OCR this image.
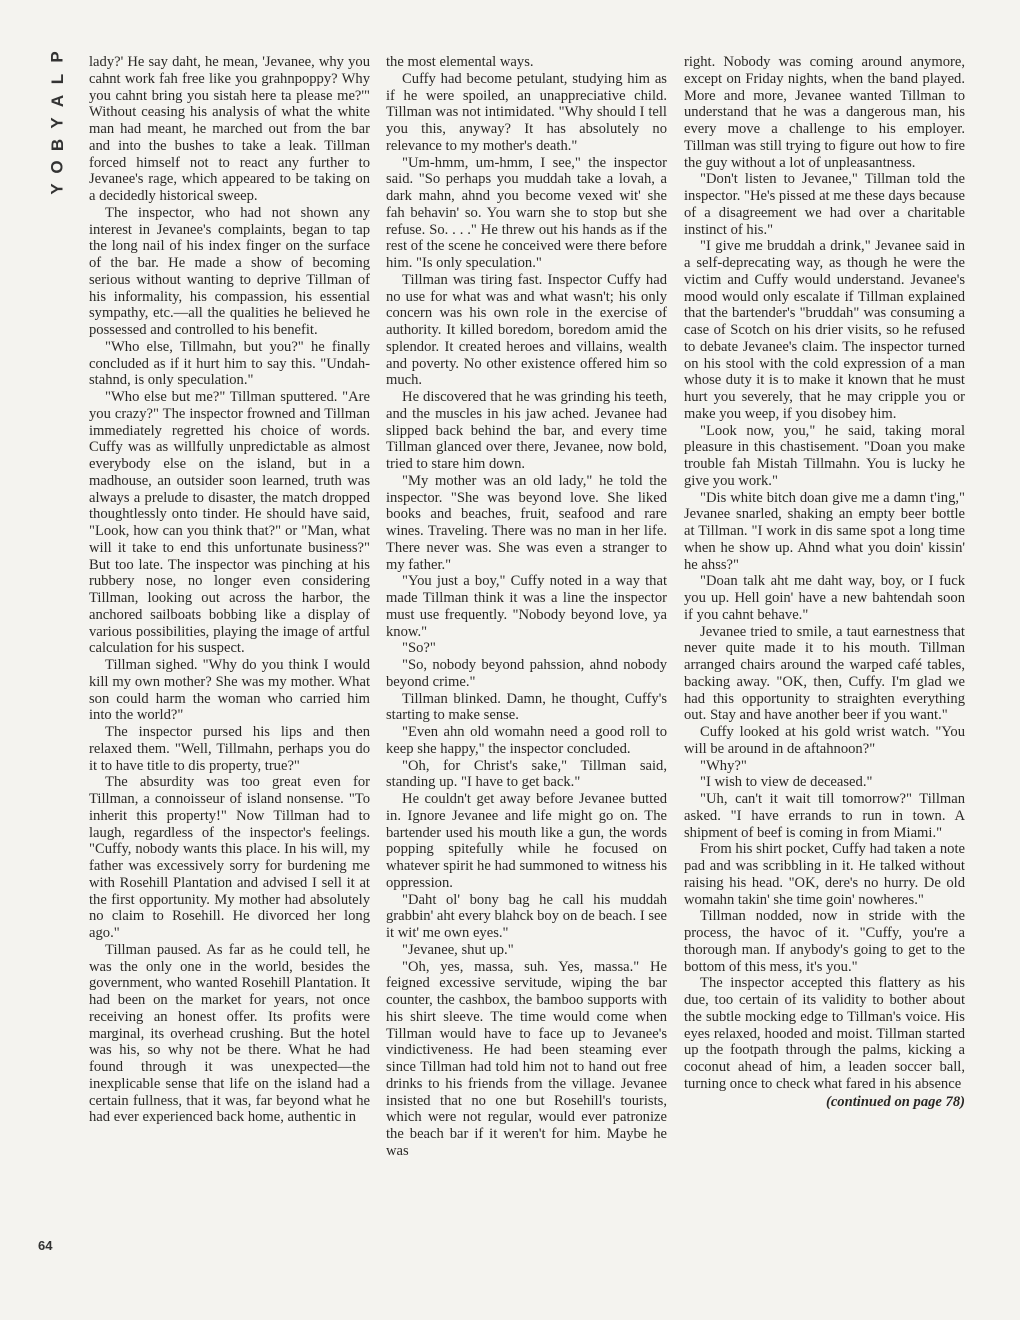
P
L
A
Y
B
O
Y
64

lady?' He say daht, he mean, 'Jevanee, why you cahnt work fah free like you grahnpoppy? Why you cahnt bring you sistah here ta please me?'" Without ceasing his analysis of what the white man had meant, he marched out from the bar and into the bushes to take a leak. Tillman forced himself not to react any further to Jevanee's rage, which appeared to be taking on a decidedly historical sweep.

The inspector, who had not shown any interest in Jevanee's complaints, began to tap the long nail of his index finger on the surface of the bar. He made a show of becoming serious without wanting to deprive Tillman of his informality, his compassion, his essential sympathy, etc.—all the qualities he believed he possessed and controlled to his benefit.

"Who else, Tillmahn, but you?" he finally concluded as if it hurt him to say this. "Undah-stahnd, is only speculation."

"Who else but me?" Tillman sputtered. "Are you crazy?" The inspector frowned and Tillman immediately regretted his choice of words. Cuffy was as willfully unpredictable as almost everybody else on the island, but in a madhouse, an outsider soon learned, truth was always a prelude to disaster, the match dropped thoughtlessly onto tinder. He should have said, "Look, how can you think that?" or "Man, what will it take to end this unfortunate business?" But too late. The inspector was pinching at his rubbery nose, no longer even considering Tillman, looking out across the harbor, the anchored sailboats bobbing like a display of various possibilities, playing the image of artful calculation for his suspect.

Tillman sighed. "Why do you think I would kill my own mother? She was my mother. What son could harm the woman who carried him into the world?"

The inspector pursed his lips and then relaxed them. "Well, Tillmahn, perhaps you do it to have title to dis property, true?"

The absurdity was too great even for Tillman, a connoisseur of island nonsense. "To inherit this property!" Now Tillman had to laugh, regardless of the inspector's feelings. "Cuffy, nobody wants this place. In his will, my father was excessively sorry for burdening me with Rosehill Plantation and advised I sell it at the first opportunity. My mother had absolutely no claim to Rosehill. He divorced her long ago."

Tillman paused. As far as he could tell, he was the only one in the world, besides the government, who wanted Rosehill Plantation. It had been on the market for years, not once receiving an honest offer. Its profits were marginal, its overhead crushing. But the hotel was his, so why not be there. What he had found through it was unexpected—the inexplicable sense that life on the island had a certain fullness, that it was, far beyond what he had ever experienced back home, authentic in

the most elemental ways.

Cuffy had become petulant, studying him as if he were spoiled, an unappreciative child. Tillman was not intimidated. "Why should I tell you this, anyway? It has absolutely no relevance to my mother's death."

"Um-hmm, um-hmm, I see," the inspector said. "So perhaps you muddah take a lovah, a dark mahn, ahnd you become vexed wit' she fah behavin' so. You warn she to stop but she refuse. So. . . ." He threw out his hands as if the rest of the scene he conceived were there before him. "Is only speculation."

Tillman was tiring fast. Inspector Cuffy had no use for what was and what wasn't; his only concern was his own role in the exercise of authority. It killed boredom, boredom amid the splendor. It created heroes and villains, wealth and poverty. No other existence offered him so much.

He discovered that he was grinding his teeth, and the muscles in his jaw ached. Jevanee had slipped back behind the bar, and every time Tillman glanced over there, Jevanee, now bold, tried to stare him down.

"My mother was an old lady," he told the inspector. "She was beyond love. She liked books and beaches, fruit, seafood and rare wines. Traveling. There was no man in her life. There never was. She was even a stranger to my father."

"You just a boy," Cuffy noted in a way that made Tillman think it was a line the inspector must use frequently. "Nobody beyond love, ya know."

"So?"

"So, nobody beyond pahssion, ahnd nobody beyond crime."

Tillman blinked. Damn, he thought, Cuffy's starting to make sense.

"Even ahn old womahn need a good roll to keep she happy," the inspector concluded.

"Oh, for Christ's sake," Tillman said, standing up. "I have to get back."

He couldn't get away before Jevanee butted in. Ignore Jevanee and life might go on. The bartender used his mouth like a gun, the words popping spitefully while he focused on whatever spirit he had summoned to witness his oppression.

"Daht ol' bony bag he call his muddah grabbin' aht every blahck boy on de beach. I see it wit' me own eyes."

"Jevanee, shut up."

"Oh, yes, massa, suh. Yes, massa." He feigned excessive servitude, wiping the bar counter, the cashbox, the bamboo supports with his shirt sleeve. The time would come when Tillman would have to face up to Jevanee's vindictiveness. He had been steaming ever since Tillman had told him not to hand out free drinks to his friends from the village. Jevanee insisted that no one but Rosehill's tourists, which were not regular, would ever patronize the beach bar if it weren't for him. Maybe he was

right. Nobody was coming around anymore, except on Friday nights, when the band played. More and more, Jevanee wanted Tillman to understand that he was a dangerous man, his every move a challenge to his employer. Tillman was still trying to figure out how to fire the guy without a lot of unpleasantness.

"Don't listen to Jevanee," Tillman told the inspector. "He's pissed at me these days because of a disagreement we had over a charitable instinct of his."

"I give me bruddah a drink," Jevanee said in a self-deprecating way, as though he were the victim and Cuffy would understand. Jevanee's mood would only escalate if Tillman explained that the bartender's "bruddah" was consuming a case of Scotch on his drier visits, so he refused to debate Jevanee's claim. The inspector turned on his stool with the cold expression of a man whose duty it is to make it known that he must hurt you severely, that he may cripple you or make you weep, if you disobey him.

"Look now, you," he said, taking moral pleasure in this chastisement. "Doan you make trouble fah Mistah Tillmahn. You is lucky he give you work."

"Dis white bitch doan give me a damn t'ing," Jevanee snarled, shaking an empty beer bottle at Tillman. "I work in dis same spot a long time when he show up. Ahnd what you doin' kissin' he ahss?"

"Doan talk aht me daht way, boy, or I fuck you up. Hell goin' have a new bahtendah soon if you cahnt behave."

Jevanee tried to smile, a taut earnestness that never quite made it to his mouth. Tillman arranged chairs around the warped café tables, backing away. "OK, then, Cuffy. I'm glad we had this opportunity to straighten everything out. Stay and have another beer if you want."

Cuffy looked at his gold wrist watch. "You will be around in de aftahnoon?"

"Why?"

"I wish to view de deceased."

"Uh, can't it wait till tomorrow?" Tillman asked. "I have errands to run in town. A shipment of beef is coming in from Miami."

From his shirt pocket, Cuffy had taken a note pad and was scribbling in it. He talked without raising his head. "OK, dere's no hurry. De old womahn takin' she time goin' nowheres."

Tillman nodded, now in stride with the process, the havoc of it. "Cuffy, you're a thorough man. If anybody's going to get to the bottom of this mess, it's you."

The inspector accepted this flattery as his due, too certain of its validity to bother about the subtle mocking edge to Tillman's voice. His eyes relaxed, hooded and moist. Tillman started up the footpath through the palms, kicking a coconut ahead of him, a leaden soccer ball, turning once to check what fared in his absence

(continued on page 78)
